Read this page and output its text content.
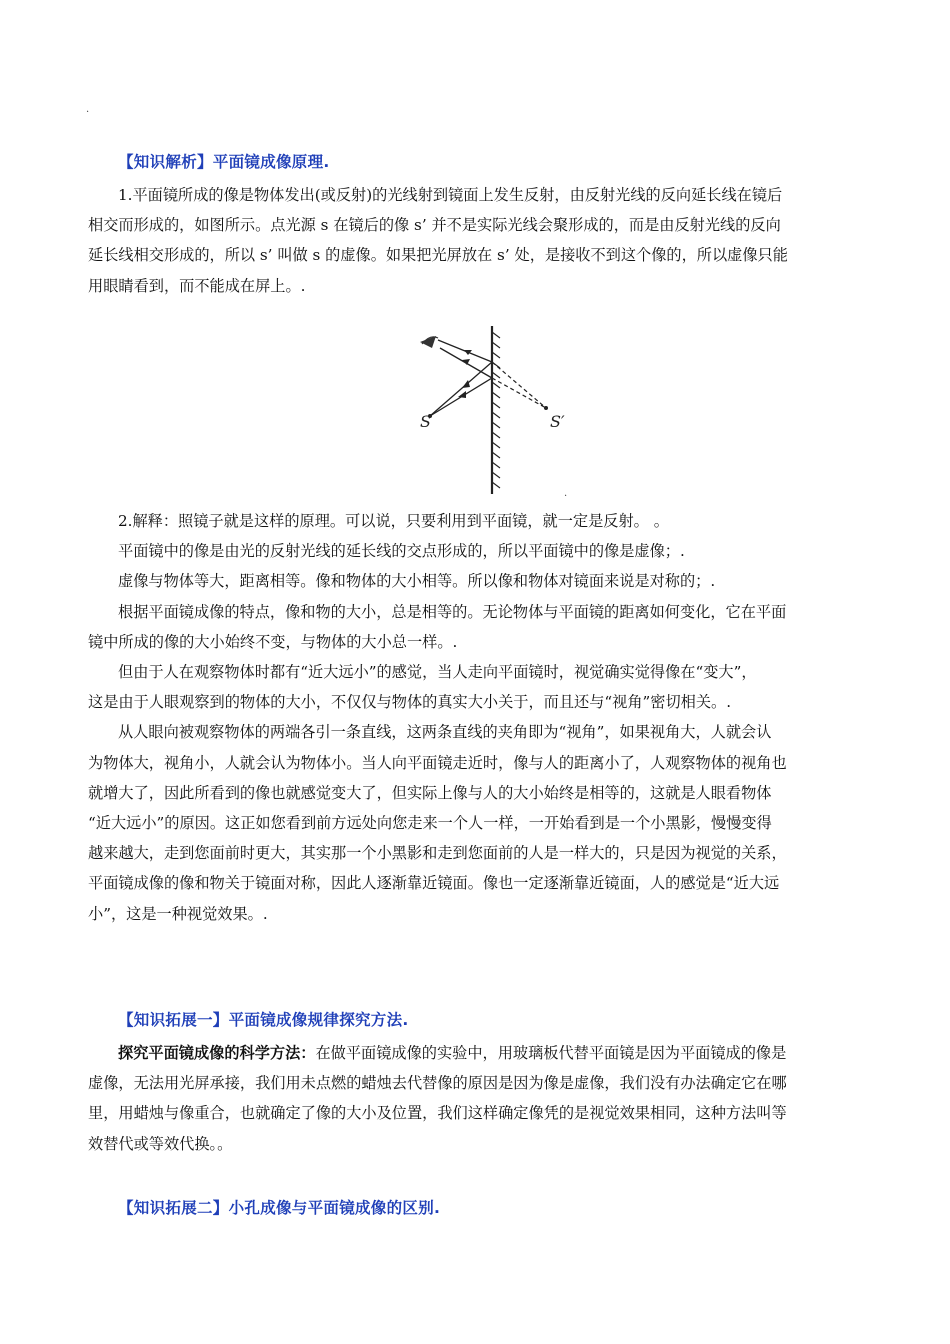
.
【知识解析】平面镜成像原理.
1.平面镜所成的像是物体发出(或反射)的光线射到镜面上发生反射，由反射光线的反向延长线在镜后
相交而形成的，如图所示。点光源 s 在镜后的像 s’ 并不是实际光线会聚形成的，而是由反射光线的反向
延长线相交形成的，所以 s’ 叫做 s 的虚像。如果把光屏放在 s’ 处，是接收不到这个像的，所以虚像只能
用眼睛看到，而不能成在屏上。.
S	S′
.
2.解释：照镜子就是这样的原理。可以说，只要利用到平面镜，就一定是反射。 。
平面镜中的像是由光的反射光线的延长线的交点形成的，所以平面镜中的像是虚像；.
虚像与物体等大，距离相等。像和物体的大小相等。所以像和物体对镜面来说是对称的；.
根据平面镜成像的特点，像和物的大小，总是相等的。无论物体与平面镜的距离如何变化，它在平面
镜中所成的像的大小始终不变，与物体的大小总一样。.
但由于人在观察物体时都有“近大远小”的感觉，当人走向平面镜时，视觉确实觉得像在“变大”，
这是由于人眼观察到的物体的大小，不仅仅与物体的真实大小关于，而且还与“视角”密切相关。.
从人眼向被观察物体的两端各引一条直线，这两条直线的夹角即为“视角”，如果视角大，人就会认
为物体大，视角小，人就会认为物体小。当人向平面镜走近时，像与人的距离小了，人观察物体的视角也
就增大了，因此所看到的像也就感觉变大了，但实际上像与人的大小始终是相等的，这就是人眼看物体
“近大远小”的原因。这正如您看到前方远处向您走来一个人一样，一开始看到是一个小黑影，慢慢变得
越来越大，走到您面前时更大，其实那一个小黑影和走到您面前的人是一样大的，只是因为视觉的关系，
平面镜成像的像和物关于镜面对称，因此人逐渐靠近镜面。像也一定逐渐靠近镜面，人的感觉是“近大远
小”，这是一种视觉效果。.
【知识拓展一】平面镜成像规律探究方法.
探究平面镜成像的科学方法：在做平面镜成像的实验中，用玻璃板代替平面镜是因为平面镜成的像是
虚像，无法用光屏承接，我们用未点燃的蜡烛去代替像的原因是因为像是虚像，我们没有办法确定它在哪
里，用蜡烛与像重合，也就确定了像的大小及位置，我们这样确定像凭的是视觉效果相同，这种方法叫等
效替代或等效代换。。
【知识拓展二】小孔成像与平面镜成像的区别.
